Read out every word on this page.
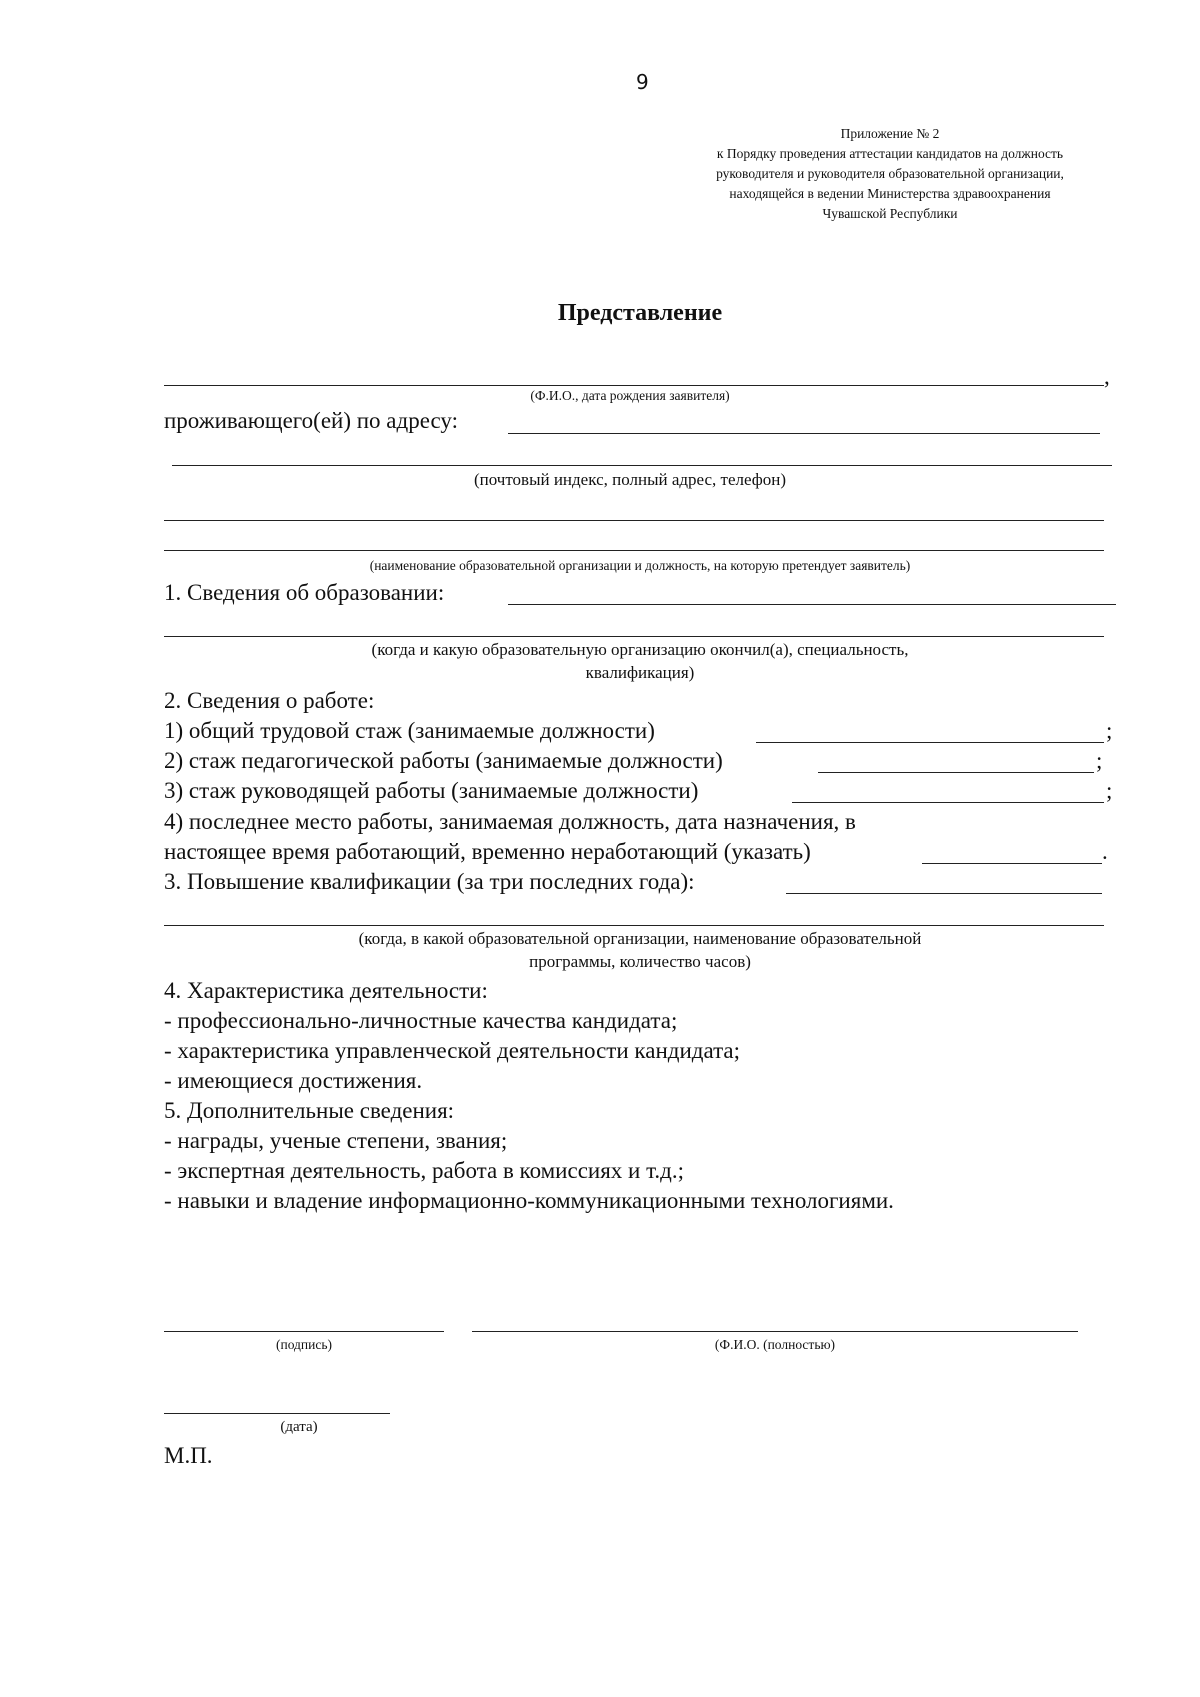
9
Приложение № 2
к Порядку проведения аттестации кандидатов на должность
руководителя и руководителя образовательной организации,
находящейся в ведении Министерства здравоохранения
Чувашской Республики
Представление
,
(Ф.И.О., дата рождения заявителя)
проживающего(ей) по адресу:
(почтовый индекс, полный адрес, телефон)
(наименование образовательной организации и должность, на которую претендует заявитель)
1. Сведения об образовании:
(когда и какую образовательную организацию окончил(а), специальность,
квалификация)
2. Сведения о работе:
1) общий трудовой стаж (занимаемые должности)	;
2) стаж педагогической работы (занимаемые должности)	;
3) стаж руководящей работы (занимаемые должности)	;
4) последнее место работы, занимаемая должность, дата назначения, в
настоящее время работающий, временно неработающий (указать)	.
3. Повышение квалификации (за три последних года):
(когда, в какой образовательной организации, наименование образовательной
программы, количество часов)
4. Характеристика деятельности:
- профессионально-личностные качества кандидата;
- характеристика управленческой деятельности кандидата;
- имеющиеся достижения.
5. Дополнительные сведения:
- награды, ученые степени, звания;
- экспертная деятельность, работа в комиссиях и т.д.;
- навыки и владение информационно-коммуникационными технологиями.
(подпись)	(Ф.И.О. (полностью)
(дата)
М.П.
